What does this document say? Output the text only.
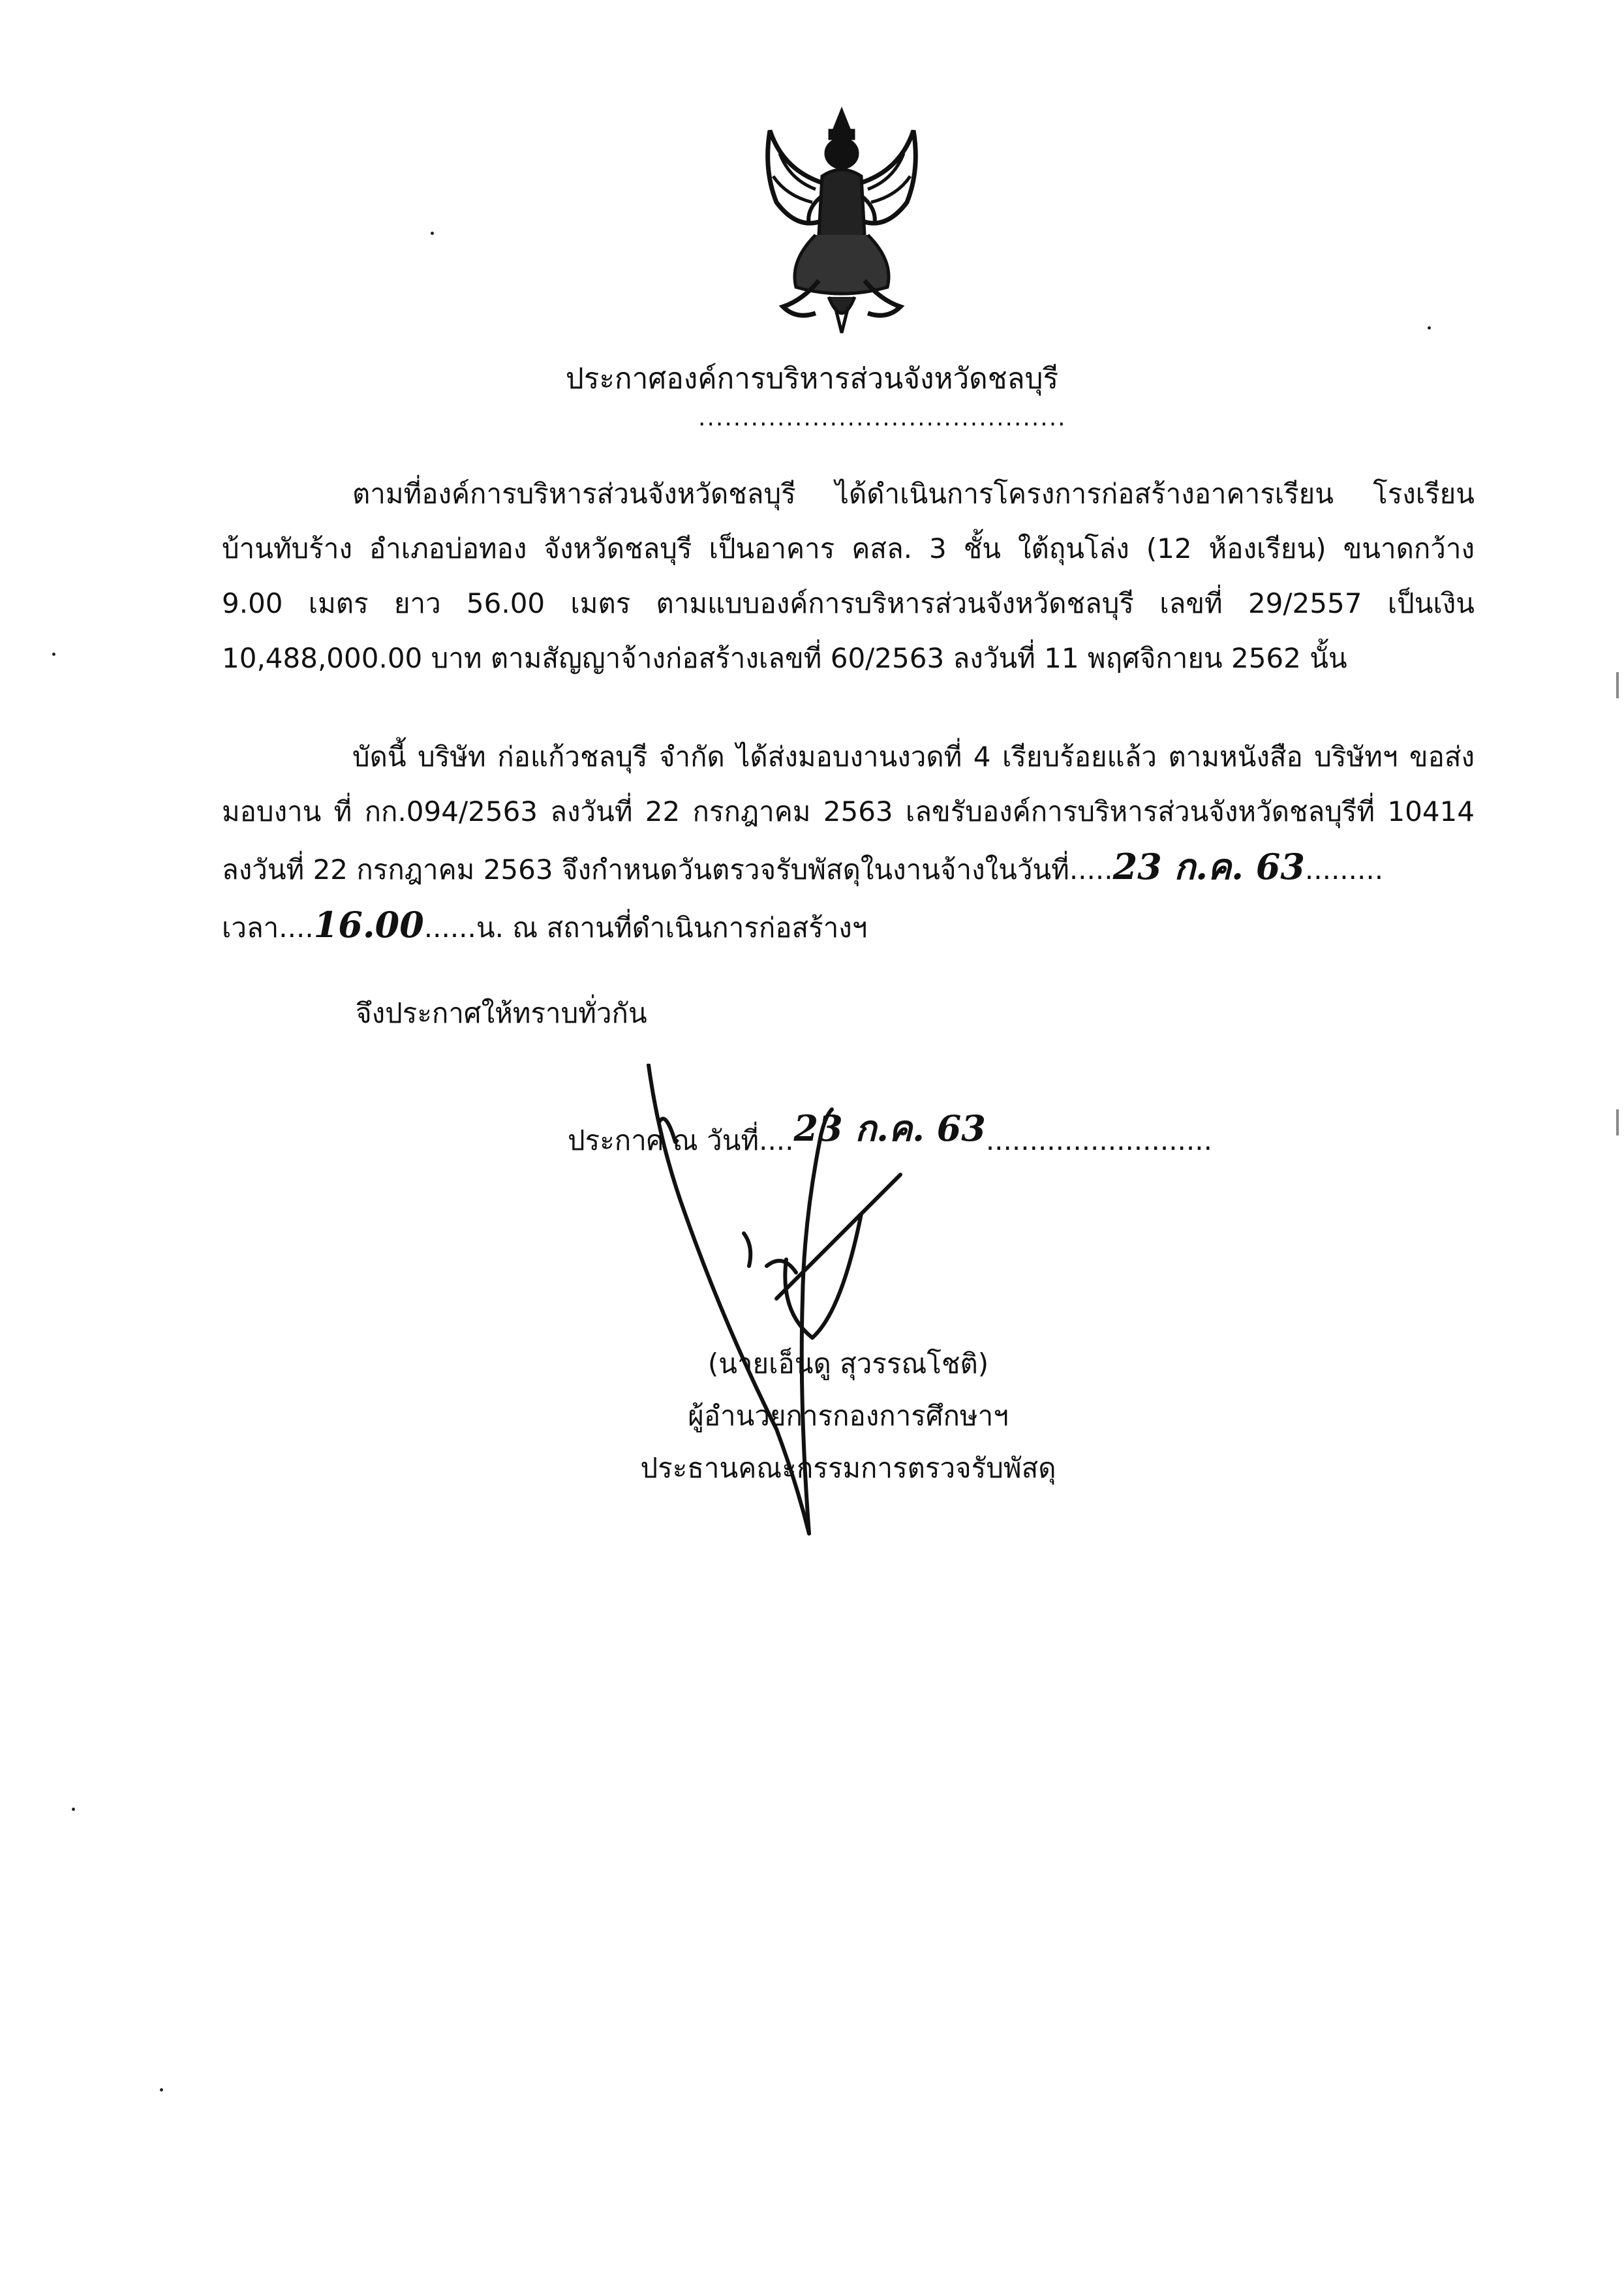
ประกาศองค์การบริหารส่วนจังหวัดชลบุรี
..........................................
ตามที่องค์การบริหารส่วนจังหวัดชลบุรี ได้ดำเนินการโครงการก่อสร้างอาคารเรียน โรงเรียน
บ้านทับร้าง อำเภอบ่อทอง จังหวัดชลบุรี เป็นอาคาร คสล. 3 ชั้น ใต้ถุนโล่ง (12 ห้องเรียน) ขนาดกว้าง
9.00 เมตร ยาว 56.00 เมตร ตามแบบองค์การบริหารส่วนจังหวัดชลบุรี เลขที่ 29/2557 เป็นเงิน
10,488,000.00 บาท ตามสัญญาจ้างก่อสร้างเลขที่ 60/2563 ลงวันที่ 11 พฤศจิกายน 2562 นั้น
บัดนี้ บริษัท ก่อแก้วชลบุรี จำกัด ได้ส่งมอบงานงวดที่ 4 เรียบร้อยแล้ว ตามหนังสือ บริษัทฯ ขอส่ง
มอบงาน ที่ กก.094/2563 ลงวันที่ 22 กรกฎาคม 2563 เลขรับองค์การบริหารส่วนจังหวัดชลบุรีที่ 10414
ลงวันที่ 22 กรกฎาคม 2563 จึงกำหนดวันตรวจรับพัสดุในงานจ้างในวันที่.....23 ก.ค. 63.........
เวลา....16.00......น. ณ สถานที่ดำเนินการก่อสร้างฯ
จึงประกาศให้ทราบทั่วกัน
ประกาศ ณ วันที่....23 ก.ค. 63..........................
(นายเอ็นดู สุวรรณโชติ)
ผู้อำนวยการกองการศึกษาฯ
ประธานคณะกรรมการตรวจรับพัสดุ
